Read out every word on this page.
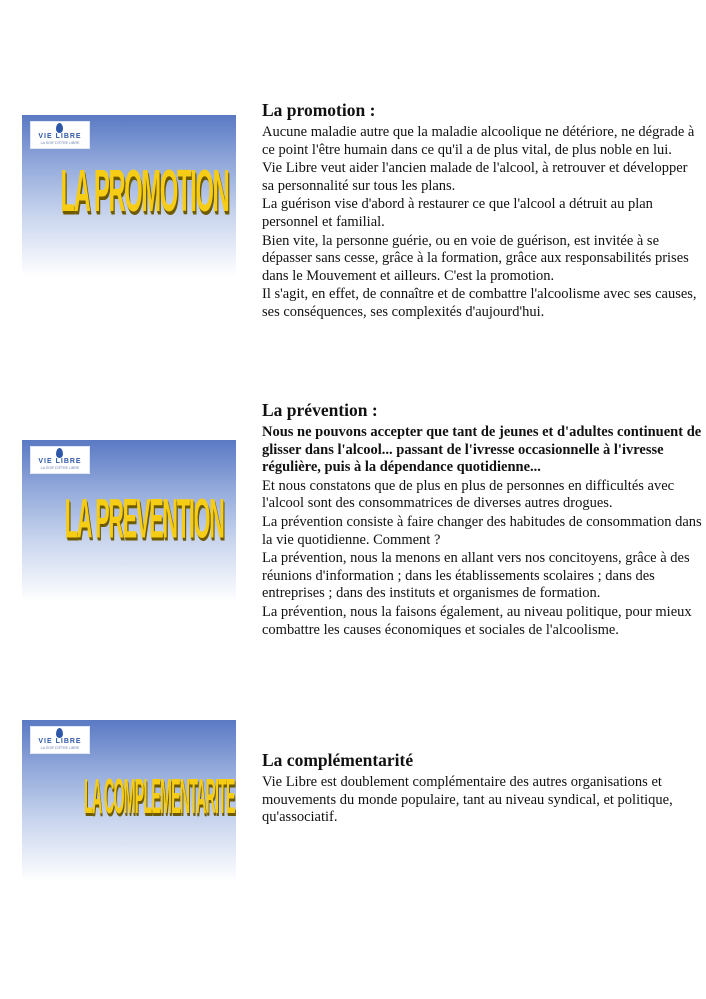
VIE LIBRE
LA SOIF D'ÊTRE LIBRE
LA PROMOTION
VIE LIBRE
LA SOIF D'ÊTRE LIBRE
LA PREVENTION
VIE LIBRE
LA SOIF D'ÊTRE LIBRE
LA COMPLEMENTARITE
La promotion :

Aucune maladie autre que la maladie alcoolique ne détériore, ne dégrade à ce point l'être humain dans ce qu'il a de plus vital, de plus noble en lui.

Vie Libre veut aider l'ancien malade de l'alcool, à retrouver et développer sa personnalité sur tous les plans.

La guérison vise d'abord à restaurer ce que l'alcool a détruit au plan personnel et familial.

Bien vite, la personne guérie, ou en voie de guérison, est invitée à se dépasser sans cesse, grâce à la formation, grâce aux responsabilités prises dans le Mouvement et ailleurs. C'est la promotion.

Il s'agit, en effet, de connaître et de combattre l'alcoolisme avec ses causes, ses conséquences, ses complexités d'aujourd'hui.

La prévention :

Nous ne pouvons accepter que tant de jeunes et d'adultes continuent de glisser dans l'alcool... passant de l'ivresse occasionnelle à l'ivresse régulière, puis à la dépendance quotidienne...

Et nous constatons que de plus en plus de personnes en difficultés avec l'alcool sont des consommatrices de diverses autres drogues.

La prévention consiste à faire changer des habitudes de consommation dans la vie quotidienne. Comment ?

La prévention, nous la menons en allant vers nos concitoyens, grâce à des réunions d'information ; dans les établissements scolaires ; dans des entreprises ; dans des instituts et organismes de formation.

La prévention, nous la faisons également, au niveau politique, pour mieux combattre les causes économiques et sociales de l'alcoolisme.

La complémentarité

Vie Libre est doublement complémentaire des autres organisations et mouvements du monde populaire, tant au niveau syndical, et politique, qu'associatif.
